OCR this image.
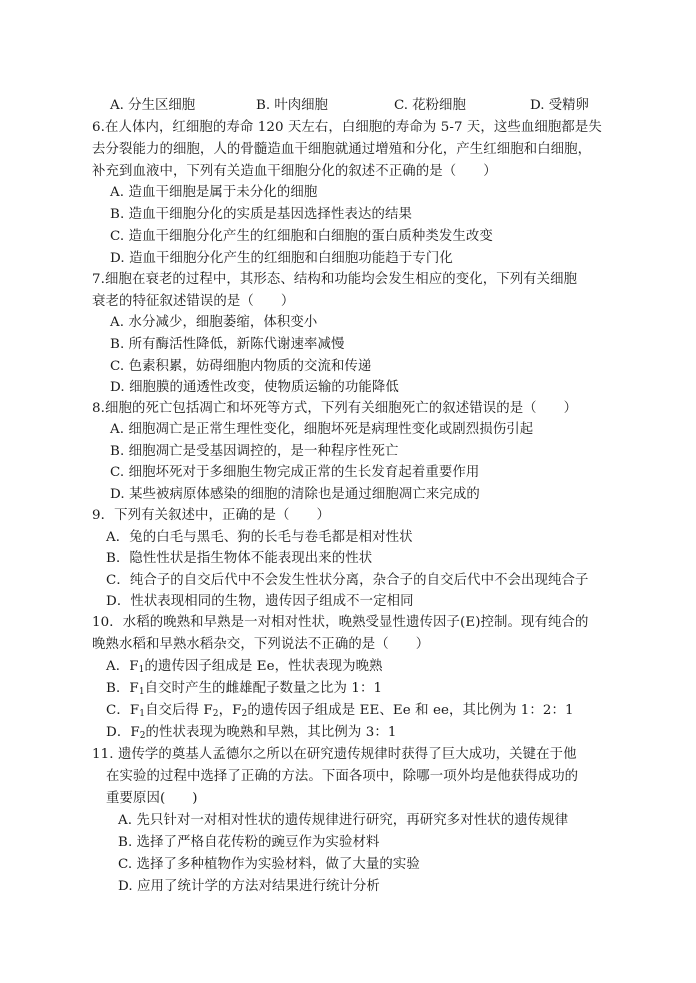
A. 分生区细胞	B. 叶肉细胞	C. 花粉细胞	D. 受精卵
6.在人体内，红细胞的寿命 120 天左右，白细胞的寿命为 5-7 天，这些血细胞都是失
去分裂能力的细胞，人的骨髓造血干细胞就通过增殖和分化，产生红细胞和白细胞，
补充到血液中，下列有关造血干细胞分化的叙述不正确的是（　　）
A. 造血干细胞是属于未分化的细胞
B. 造血干细胞分化的实质是基因选择性表达的结果
C. 造血干细胞分化产生的红细胞和白细胞的蛋白质种类发生改变
D. 造血干细胞分化产生的红细胞和白细胞功能趋于专门化
7.细胞在衰老的过程中，其形态、结构和功能均会发生相应的变化，下列有关细胞
衰老的特征叙述错误的是（　　）
A. 水分减少，细胞萎缩，体积变小
B. 所有酶活性降低，新陈代谢速率减慢
C. 色素积累，妨碍细胞内物质的交流和传递
D. 细胞膜的通透性改变，使物质运输的功能降低
8.细胞的死亡包括凋亡和坏死等方式，下列有关细胞死亡的叙述错误的是（　　）
A. 细胞凋亡是正常生理性变化，细胞坏死是病理性变化或剧烈损伤引起
B. 细胞凋亡是受基因调控的，是一种程序性死亡
C. 细胞坏死对于多细胞生物完成正常的生长发育起着重要作用
D. 某些被病原体感染的细胞的清除也是通过细胞凋亡来完成的
9．下列有关叙述中，正确的是（　　）
A．兔的白毛与黑毛、狗的长毛与卷毛都是相对性状
B．隐性性状是指生物体不能表现出来的性状
C．纯合子的自交后代中不会发生性状分离，杂合子的自交后代中不会出现纯合子
D．性状表现相同的生物，遗传因子组成不一定相同
10．水稻的晚熟和早熟是一对相对性状，晚熟受显性遗传因子(E)控制。现有纯合的
晚熟水稻和早熟水稻杂交，下列说法不正确的是（　　）
A．$F_1$的遗传因子组成是 Ee，性状表现为晚熟
B．$F_1$自交时产生的雌雄配子数量之比为 1：1
C．$F_1$自交后得 $F_2$，$F_2$的遗传因子组成是 EE、Ee 和 ee，其比例为 1：2：1
D．$F_2$的性状表现为晚熟和早熟，其比例为 3：1
11. 遗传学的奠基人孟德尔之所以在研究遗传规律时获得了巨大成功，关键在于他
在实验的过程中选择了正确的方法。下面各项中，除哪一项外均是他获得成功的
重要原因(　　)
A. 先只针对一对相对性状的遗传规律进行研究，再研究多对性状的遗传规律
B. 选择了严格自花传粉的豌豆作为实验材料
C. 选择了多种植物作为实验材料，做了大量的实验
D. 应用了统计学的方法对结果进行统计分析
